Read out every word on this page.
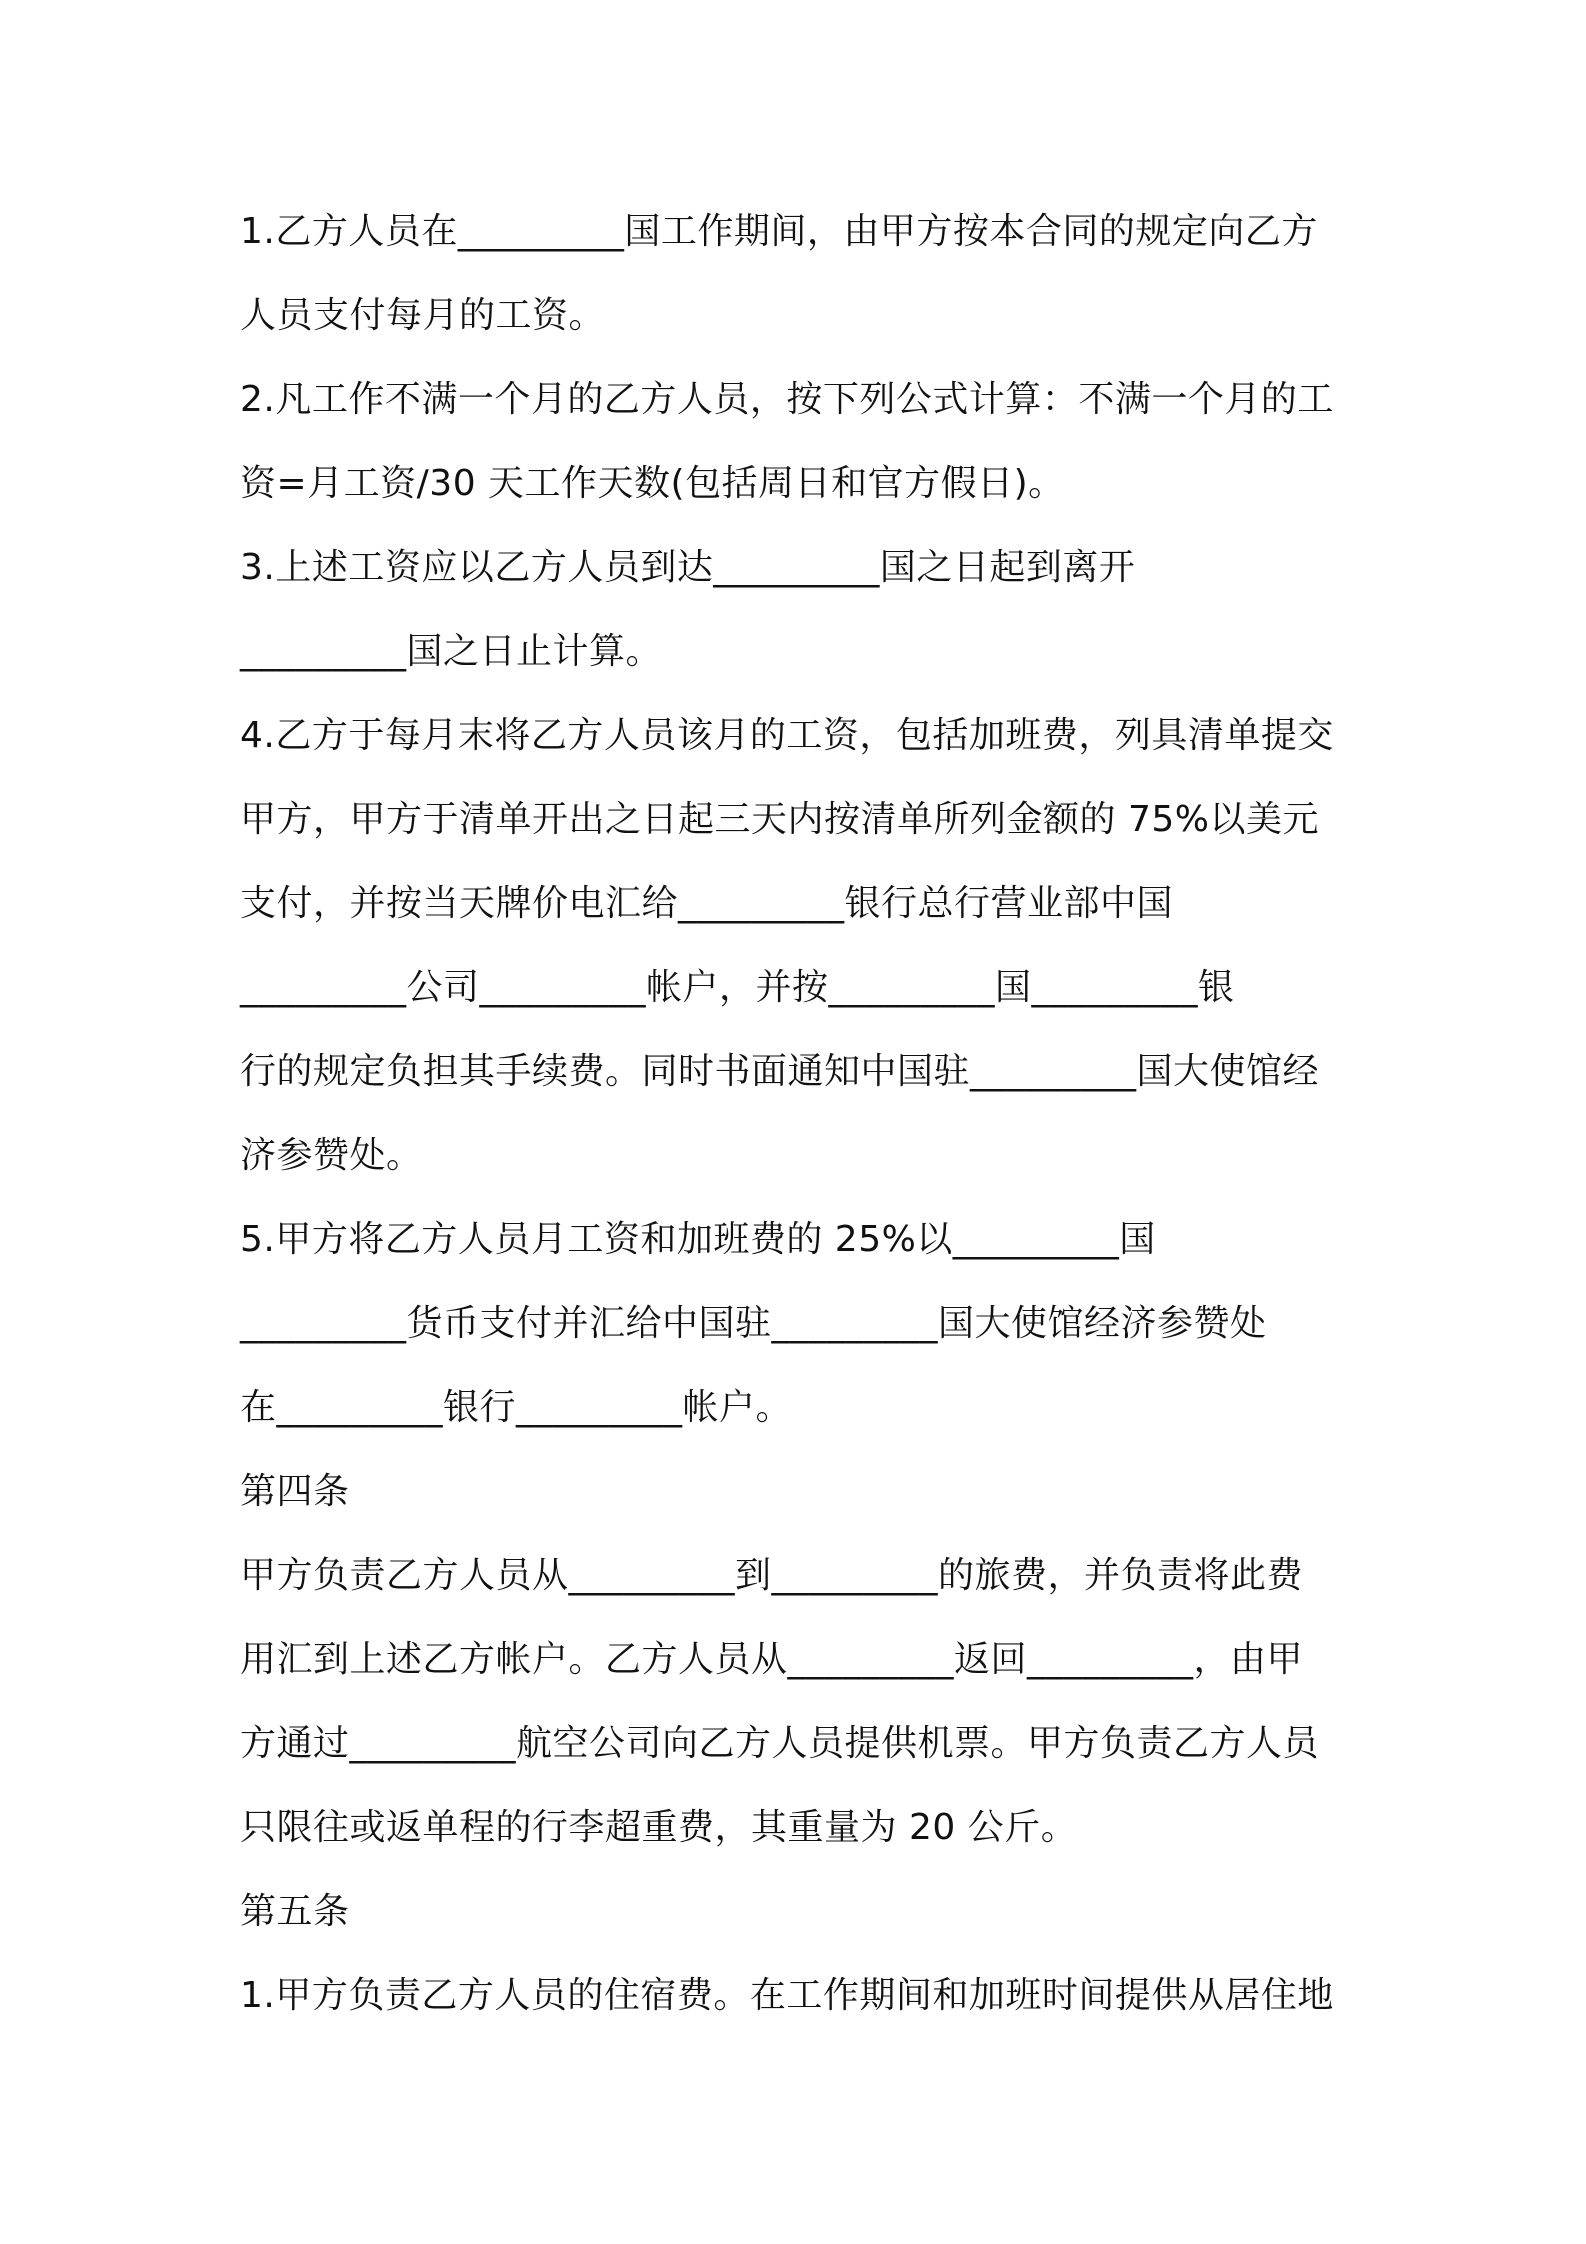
1.乙方人员在_________国工作期间，由甲方按本合同的规定向乙方
人员支付每月的工资。
2.凡工作不满一个月的乙方人员，按下列公式计算：不满一个月的工
资=月工资/30 天工作天数(包括周日和官方假日)。
3.上述工资应以乙方人员到达_________国之日起到离开
_________国之日止计算。
4.乙方于每月末将乙方人员该月的工资，包括加班费，列具清单提交
甲方，甲方于清单开出之日起三天内按清单所列金额的 75%以美元
支付，并按当天牌价电汇给_________银行总行营业部中国
_________公司_________帐户，并按_________国_________银
行的规定负担其手续费。同时书面通知中国驻_________国大使馆经
济参赞处。
5.甲方将乙方人员月工资和加班费的 25%以_________国
_________货币支付并汇给中国驻_________国大使馆经济参赞处
在_________银行_________帐户。
第四条
甲方负责乙方人员从_________到_________的旅费，并负责将此费
用汇到上述乙方帐户。乙方人员从_________返回_________，由甲
方通过_________航空公司向乙方人员提供机票。甲方负责乙方人员
只限往或返单程的行李超重费，其重量为 20 公斤。
第五条
1.甲方负责乙方人员的住宿费。在工作期间和加班时间提供从居住地
